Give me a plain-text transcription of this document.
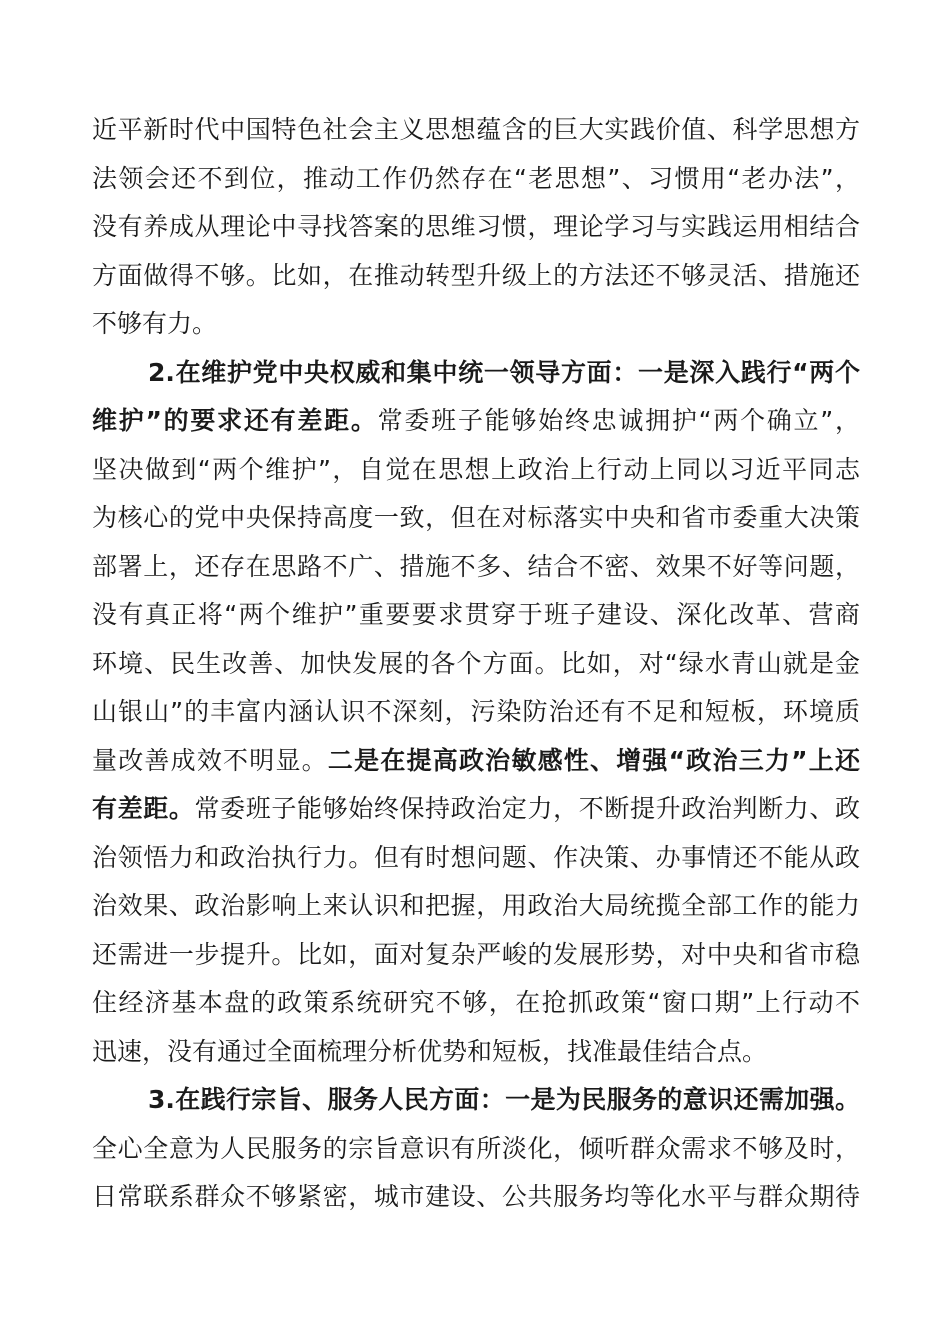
近平新时代中国特色社会主义思想蕴含的巨大实践价值、科学思想方
法领会还不到位，推动工作仍然存在“老思想”、习惯用“老办法”，
没有养成从理论中寻找答案的思维习惯，理论学习与实践运用相结合
方面做得不够。比如，在推动转型升级上的方法还不够灵活、措施还
不够有力。
2.在维护党中央权威和集中统一领导方面：一是深入践行“两个
维护”的要求还有差距。常委班子能够始终忠诚拥护“两个确立”，
坚决做到“两个维护”，自觉在思想上政治上行动上同以习近平同志
为核心的党中央保持高度一致，但在对标落实中央和省市委重大决策
部署上，还存在思路不广、措施不多、结合不密、效果不好等问题，
没有真正将“两个维护”重要要求贯穿于班子建设、深化改革、营商
环境、民生改善、加快发展的各个方面。比如，对“绿水青山就是金
山银山”的丰富内涵认识不深刻，污染防治还有不足和短板，环境质
量改善成效不明显。二是在提高政治敏感性、增强“政治三力”上还
有差距。常委班子能够始终保持政治定力，不断提升政治判断力、政
治领悟力和政治执行力。但有时想问题、作决策、办事情还不能从政
治效果、政治影响上来认识和把握，用政治大局统揽全部工作的能力
还需进一步提升。比如，面对复杂严峻的发展形势，对中央和省市稳
住经济基本盘的政策系统研究不够，在抢抓政策“窗口期”上行动不
迅速，没有通过全面梳理分析优势和短板，找准最佳结合点。
3.在践行宗旨、服务人民方面：一是为民服务的意识还需加强。
全心全意为人民服务的宗旨意识有所淡化，倾听群众需求不够及时，
日常联系群众不够紧密，城市建设、公共服务均等化水平与群众期待
